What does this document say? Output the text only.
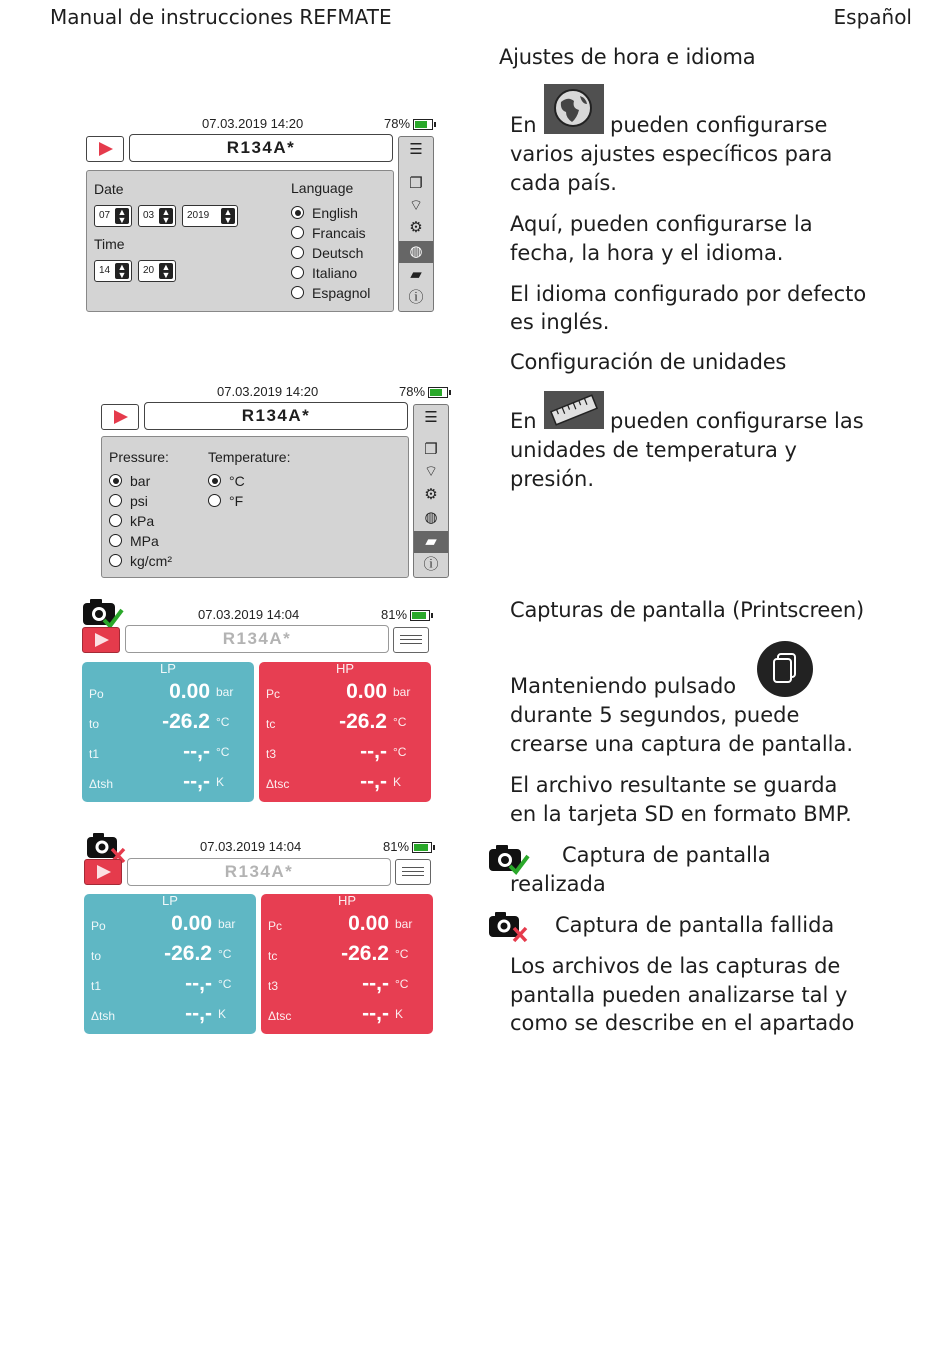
Manual de instrucciones REFMATE	Español
Ajustes de hora e idioma
En	pueden configurarse
varios ajustes específicos para
cada país.
Aquí, pueden configurarse la
fecha, la hora y el idioma.
El idioma configurado por defecto
es inglés.
Configuración de unidades
En	pueden configurarse las
unidades de temperatura y
presión.
Capturas de pantalla (Printscreen)
Manteniendo pulsado
durante 5 segundos, puede
crearse una captura de pantalla.
El archivo resultante se guarda
en la tarjeta SD en formato BMP.
Captura de pantalla
realizada
Captura de pantalla fallida
Los archivos de las capturas de
pantalla pueden analizarse tal y
como se describe en el apartado
07.03.2019 14:20	78%
R134A*
Date
07 ▲
▼ 03 ▲
▼ 2019 ▲
▼
Time
14 ▲
▼ 20 ▲
▼
Language
English
Francais
Deutsch
Italiano
Espagnol
☰
❐
⌔
⚙
◍
▰
ⓘ
07.03.2019 14:20	78%
R134A*
Pressure:
bar
psi
kPa
MPa
kg/cm²
Temperature:
°C
°F
☰
❐
⌔
⚙
◍
▰
ⓘ
07.03.2019 14:04	81%
R134A*
LP
Po	0.00 bar
to	-26.2 °C
t1	--,- °C
Δtsh	--,- K
HP
Pc	0.00 bar
tc	-26.2 °C
t3	--,- °C
Δtsc	--,- K
07.03.2019 14:04	81%
R134A*
LP
Po	0.00 bar
to	-26.2 °C
t1	--,- °C
Δtsh	--,- K
HP
Pc	0.00 bar
tc	-26.2 °C
t3	--,- °C
Δtsc	--,- K
